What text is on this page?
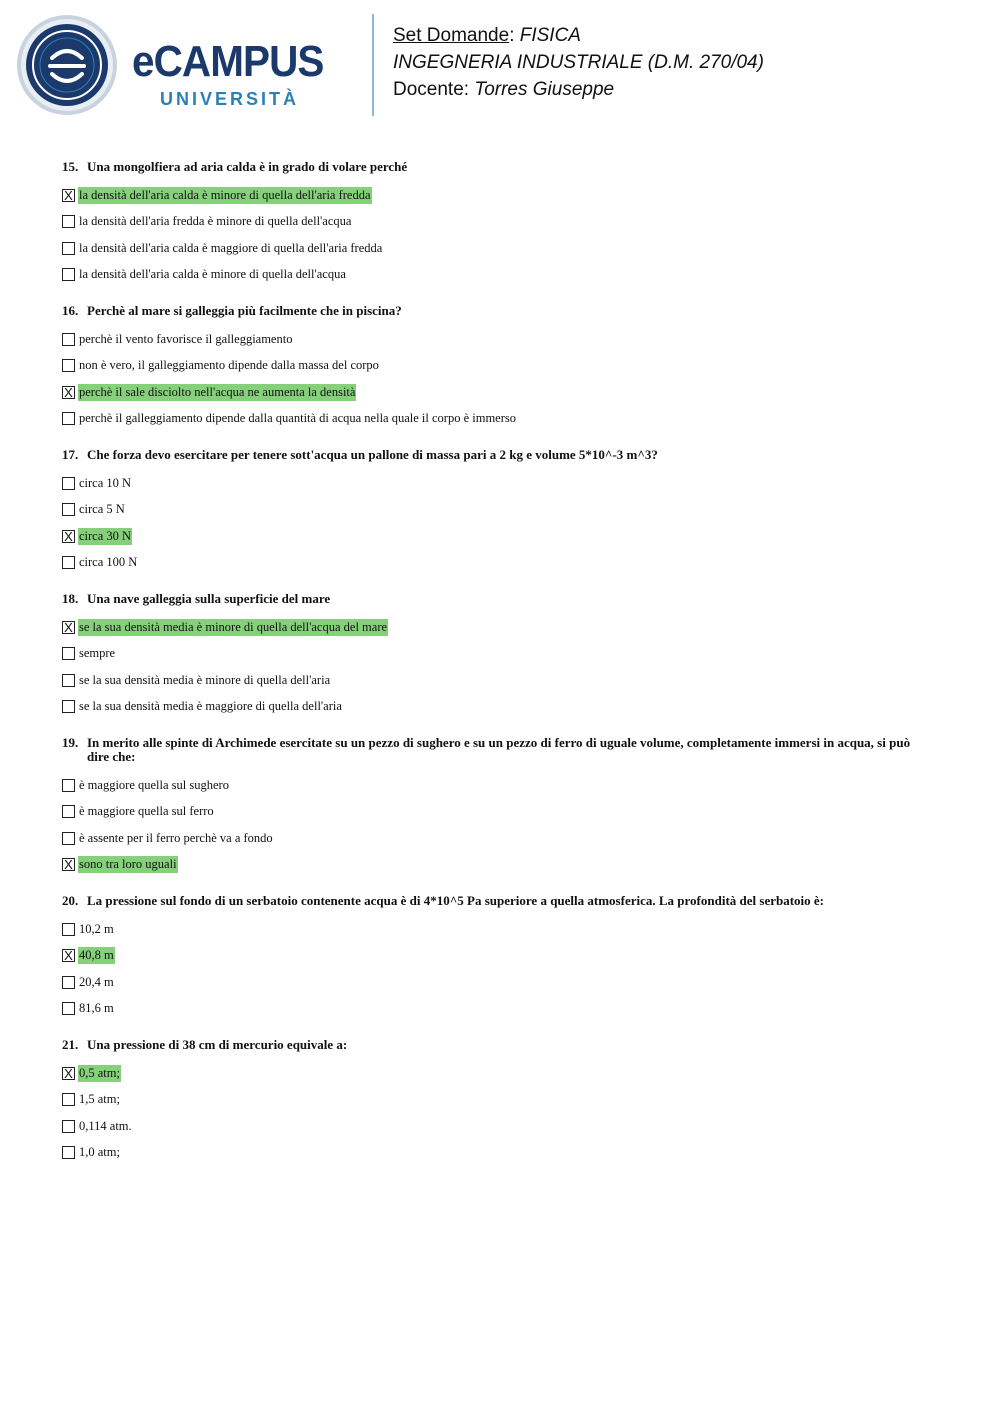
eCAMPUS
UNIVERSITÀ
Set Domande: FISICA
INGEGNERIA INDUSTRIALE (D.M. 270/04)
Docente: Torres Giuseppe
15. Una mongolfiera ad aria calda è in grado di volare perché
X la densità dell'aria calda è minore di quella dell'aria fredda
la densità dell'aria fredda è minore di quella dell'acqua
la densità dell'aria calda è maggiore di quella dell'aria fredda
la densità dell'aria calda è minore di quella dell'acqua
16. Perchè al mare si galleggia più facilmente che in piscina?
perchè il vento favorisce il galleggiamento
non è vero, il galleggiamento dipende dalla massa del corpo
X perchè il sale disciolto nell'acqua ne aumenta la densità
perchè il galleggiamento dipende dalla quantità di acqua nella quale il corpo è immerso
17. Che forza devo esercitare per tenere sott'acqua un pallone di massa pari a 2 kg e volume 5*10^-3 m^3?
circa 10 N
circa 5 N
X circa 30 N
circa 100 N
18. Una nave galleggia sulla superficie del mare
X se la sua densità media è minore di quella dell'acqua del mare
sempre
se la sua densità media è minore di quella dell'aria
se la sua densità media è maggiore di quella dell'aria
19. In merito alle spinte di Archimede esercitate su un pezzo di sughero e su un pezzo di ferro di uguale volume, completamente immersi in acqua, si può dire che:
è maggiore quella sul sughero
è maggiore quella sul ferro
è assente per il ferro perchè va a fondo
X sono tra loro uguali
20. La pressione sul fondo di un serbatoio contenente acqua è di 4*10^5 Pa superiore a quella atmosferica. La profondità del serbatoio è:
10,2 m
X 40,8 m
20,4 m
81,6 m
21. Una pressione di 38 cm di mercurio equivale a:
X 0,5 atm;
1,5 atm;
0,114 atm.
1,0 atm;
